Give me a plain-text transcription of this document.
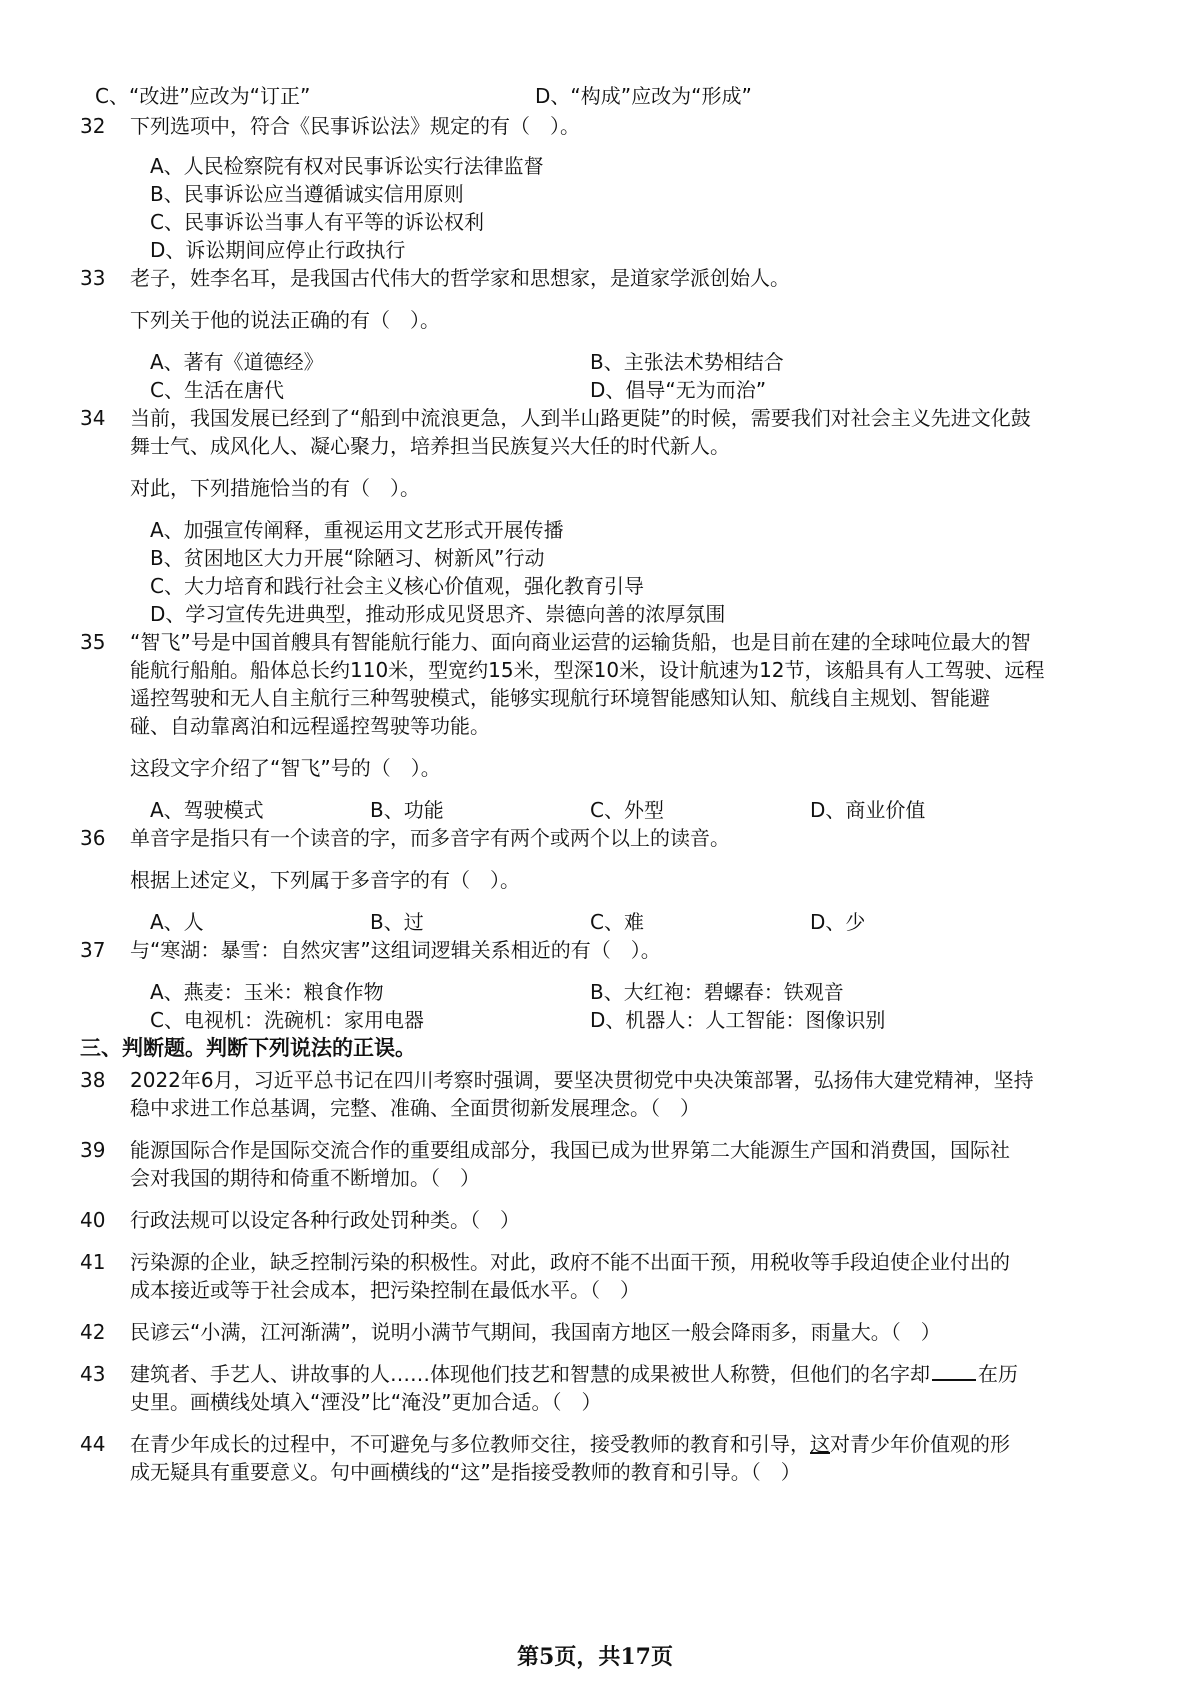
C、“改进”应改为“订正”	D、“构成”应改为“形成”
32 下列选项中，符合《民事诉讼法》规定的有（　）。
A、人民检察院有权对民事诉讼实行法律监督
B、民事诉讼应当遵循诚实信用原则
C、民事诉讼当事人有平等的诉讼权利
D、诉讼期间应停止行政执行
33 老子，姓李名耳，是我国古代伟大的哲学家和思想家，是道家学派创始人。
下列关于他的说法正确的有（　）。
A、著有《道德经》	B、主张法术势相结合
C、生活在唐代	D、倡导“无为而治”
34 当前，我国发展已经到了“船到中流浪更急，人到半山路更陡”的时候，需要我们对社会主义先进文化鼓
舞士气、成风化人、凝心聚力，培养担当民族复兴大任的时代新人。
对此，下列措施恰当的有（　）。
A、加强宣传阐释，重视运用文艺形式开展传播
B、贫困地区大力开展“除陋习、树新风”行动
C、大力培育和践行社会主义核心价值观，强化教育引导
D、学习宣传先进典型，推动形成见贤思齐、崇德向善的浓厚氛围
35 “智飞”号是中国首艘具有智能航行能力、面向商业运营的运输货船，也是目前在建的全球吨位最大的智
能航行船舶。船体总长约110米，型宽约15米，型深10米，设计航速为12节，该船具有人工驾驶、远程
遥控驾驶和无人自主航行三种驾驶模式，能够实现航行环境智能感知认知、航线自主规划、智能避
碰、自动靠离泊和远程遥控驾驶等功能。
这段文字介绍了“智飞”号的（　）。
A、驾驶模式	B、功能	C、外型	D、商业价值
36 单音字是指只有一个读音的字，而多音字有两个或两个以上的读音。
根据上述定义，下列属于多音字的有（　）。
A、人	B、过	C、难	D、少
37 与“寒湖：暴雪：自然灾害”这组词逻辑关系相近的有（　）。
A、燕麦：玉米：粮食作物	B、大红袍：碧螺春：铁观音
C、电视机：洗碗机：家用电器	D、机器人：人工智能：图像识别
三、判断题。判断下列说法的正误。
38 2022年6月，习近平总书记在四川考察时强调，要坚决贯彻党中央决策部署，弘扬伟大建党精神，坚持
稳中求进工作总基调，完整、准确、全面贯彻新发展理念。（　）
39 能源国际合作是国际交流合作的重要组成部分，我国已成为世界第二大能源生产国和消费国，国际社
会对我国的期待和倚重不断增加。（　）
40 行政法规可以设定各种行政处罚种类。（　）
41 污染源的企业，缺乏控制污染的积极性。对此，政府不能不出面干预，用税收等手段迫使企业付出的
成本接近或等于社会成本，把污染控制在最低水平。（　）
42 民谚云“小满，江河渐满”，说明小满节气期间，我国南方地区一般会降雨多，雨量大。（　）
43 建筑者、手艺人、讲故事的人……体现他们技艺和智慧的成果被世人称赞，但他们的名字却 在历
史里。画横线处填入“湮没”比“淹没”更加合适。（　）
44 在青少年成长的过程中，不可避免与多位教师交往，接受教师的教育和引导，这对青少年价值观的形
成无疑具有重要意义。句中画横线的“这”是指接受教师的教育和引导。（　）
第5页，共17页
